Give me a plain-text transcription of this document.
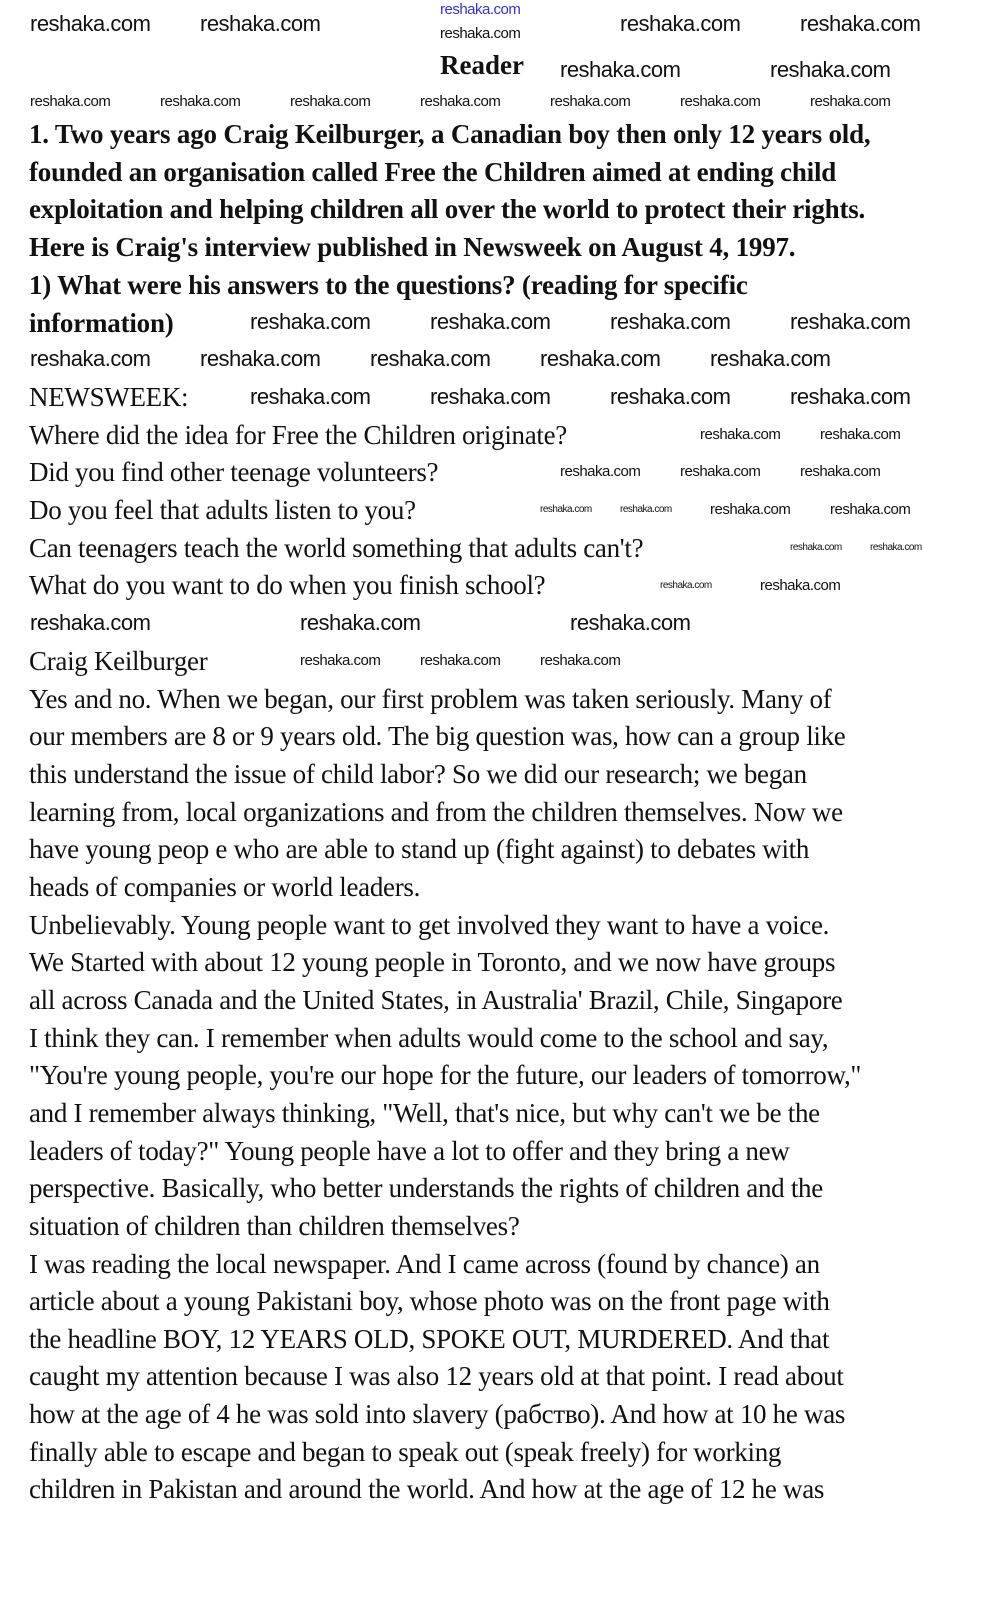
Reader
1. Two years ago Craig Keilburger, a Canadian boy then only 12 years old,
founded an organisation called Free the Children aimed at ending child
exploitation and helping children all over the world to protect their rights.
Here is Craig's interview published in Newsweek on August 4, 1997.
1) What were his answers to the questions? (reading for specific
information)
NEWSWEEK:
Where did the idea for Free the Children originate?
Did you find other teenage volunteers?
Do you feel that adults listen to you?
Can teenagers teach the world something that adults can't?
What do you want to do when you finish school?
Craig Keilburger
Yes and no. When we began, our first problem was taken seriously. Many of
our members are 8 or 9 years old. The big question was, how can a group like
this understand the issue of child labor? So we did our research; we began
learning from, local organizations and from the children themselves. Now we
have young peop e who are able to stand up (fight against) to debates with
heads of companies or world leaders.
Unbelievably. Young people want to get involved they want to have a voice.
We Started with about 12 young people in Toronto, and we now have groups
all across Canada and the United States, in Australia' Brazil, Chile, Singapore
I think they can. I remember when adults would come to the school and say,
"You're young people, you're our hope for the future, our leaders of tomorrow,"
and I remember always thinking, "Well, that's nice, but why can't we be the
leaders of today?" Young people have a lot to offer and they bring a new
perspective. Basically, who better understands the rights of children and the
situation of children than children themselves?
I was reading the local newspaper. And I came across (found by chance) an
article about a young Pakistani boy, whose photo was on the front page with
the headline BOY, 12 YEARS OLD, SPOKE OUT, MURDERED. And that
caught my attention because I was also 12 years old at that point. I read about
how at the age of 4 he was sold into slavery (рабство). And how at 10 he was
finally able to escape and began to speak out (speak freely) for working
children in Pakistan and around the world. And how at the age of 12 he was
reshaka.com
reshaka.com
reshaka.com reshaka.com	reshaka.com	reshaka.com
reshaka.com	reshaka.com
reshaka.com	reshaka.com	reshaka.com	reshaka.com	reshaka.com	reshaka.com	reshaka.com
reshaka.com	reshaka.com	reshaka.com	reshaka.com
reshaka.com reshaka.com reshaka.com reshaka.com reshaka.com
reshaka.com	reshaka.com	reshaka.com	reshaka.com
reshaka.com	reshaka.com
reshaka.com	reshaka.com	reshaka.com
reshaka.com	reshaka.com	reshaka.com	reshaka.com
reshaka.com	reshaka.com
reshaka.com	reshaka.com
reshaka.com	reshaka.com	reshaka.com
reshaka.com	reshaka.com	reshaka.com
